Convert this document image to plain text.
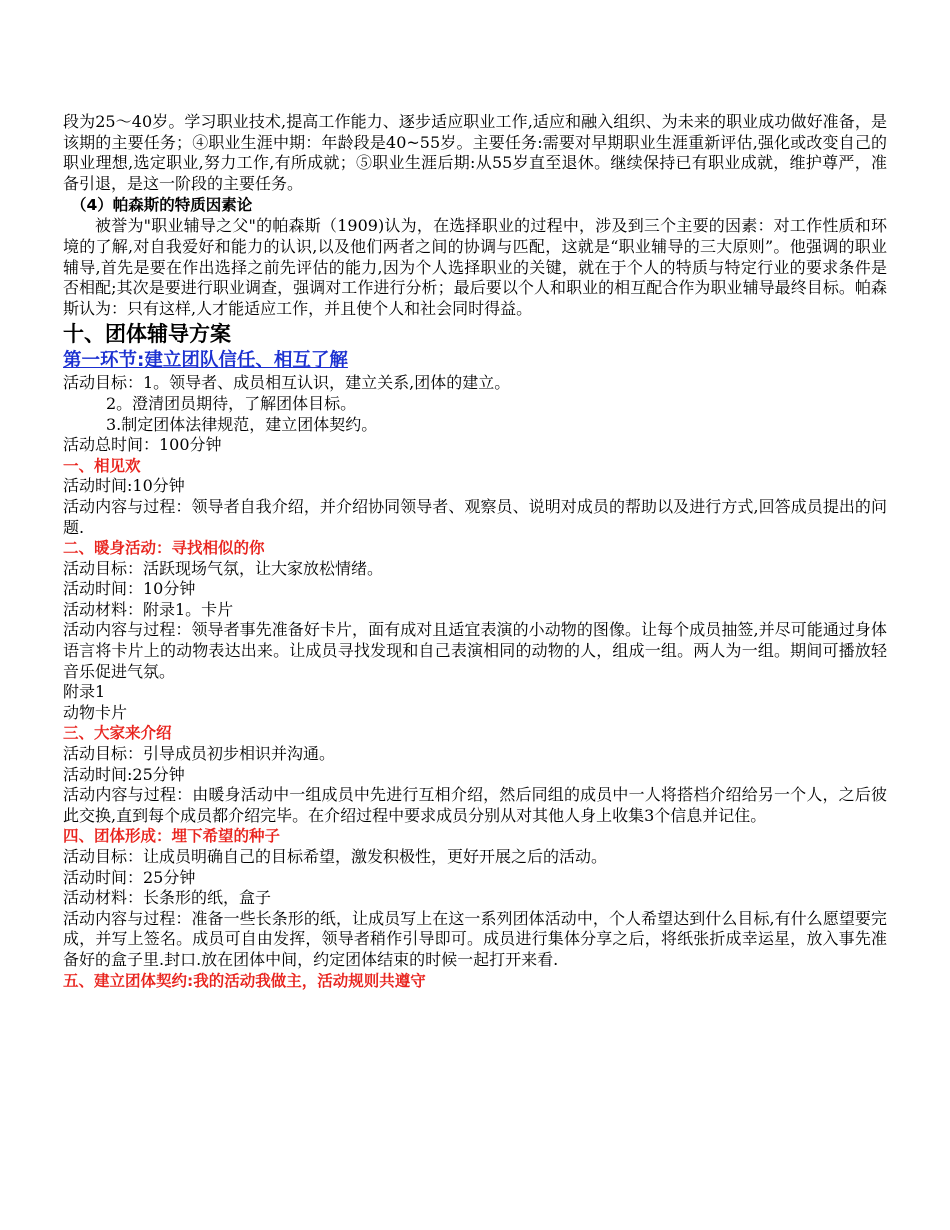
段为25～40岁。学习职业技术,提高工作能力、逐步适应职业工作,适应和融入组织、为未来的职业成功做好准备，是该期的主要任务；④职业生涯中期：年龄段是40~55岁。主要任务:需要对早期职业生涯重新评估,强化或改变自己的职业理想,选定职业,努力工作,有所成就；⑤职业生涯后期:从55岁直至退休。继续保持已有职业成就，维护尊严，准备引退，是这一阶段的主要任务。

（4）帕森斯的特质因素论

被誉为"职业辅导之父"的帕森斯（1909)认为，在选择职业的过程中，涉及到三个主要的因素：对工作性质和环境的了解,对自我爱好和能力的认识,以及他们两者之间的协调与匹配，这就是“职业辅导的三大原则”。他强调的职业辅导,首先是要在作出选择之前先评估的能力,因为个人选择职业的关键，就在于个人的特质与特定行业的要求条件是否相配;其次是要进行职业调查，强调对工作进行分析；最后要以个人和职业的相互配合作为职业辅导最终目标。帕森斯认为：只有这样,人才能适应工作，并且使个人和社会同时得益。

十、团体辅导方案

第一环节:建立团队信任、相互了解

活动目标：1。领导者、成员相互认识，建立关系,团体的建立。

2。澄清团员期待，了解团体目标。

3.制定团体法律规范，建立团体契约。

活动总时间：100分钟

一、相见欢

活动时间:10分钟

活动内容与过程：领导者自我介绍，并介绍协同领导者、观察员、说明对成员的帮助以及进行方式,回答成员提出的问题.

二、暖身活动：寻找相似的你

活动目标：活跃现场气氛，让大家放松情绪。

活动时间：10分钟

活动材料：附录1。卡片

活动内容与过程：领导者事先准备好卡片，面有成对且适宜表演的小动物的图像。让每个成员抽签,并尽可能通过身体语言将卡片上的动物表达出来。让成员寻找发现和自己表演相同的动物的人，组成一组。两人为一组。期间可播放轻音乐促进气氛。

附录1

动物卡片

三、大家来介绍

活动目标：引导成员初步相识并沟通。

活动时间:25分钟

活动内容与过程：由暖身活动中一组成员中先进行互相介绍，然后同组的成员中一人将搭档介绍给另一个人，之后彼此交换,直到每个成员都介绍完毕。在介绍过程中要求成员分别从对其他人身上收集3个信息并记住。

四、团体形成：埋下希望的种子

活动目标：让成员明确自己的目标希望，激发积极性，更好开展之后的活动。

活动时间：25分钟

活动材料：长条形的纸，盒子

活动内容与过程：准备一些长条形的纸，让成员写上在这一系列团体活动中，个人希望达到什么目标,有什么愿望要完成，并写上签名。成员可自由发挥，领导者稍作引导即可。成员进行集体分享之后，将纸张折成幸运星，放入事先准备好的盒子里.封口.放在团体中间，约定团体结束的时候一起打开来看.

五、建立团体契约:我的活动我做主，活动规则共遵守
